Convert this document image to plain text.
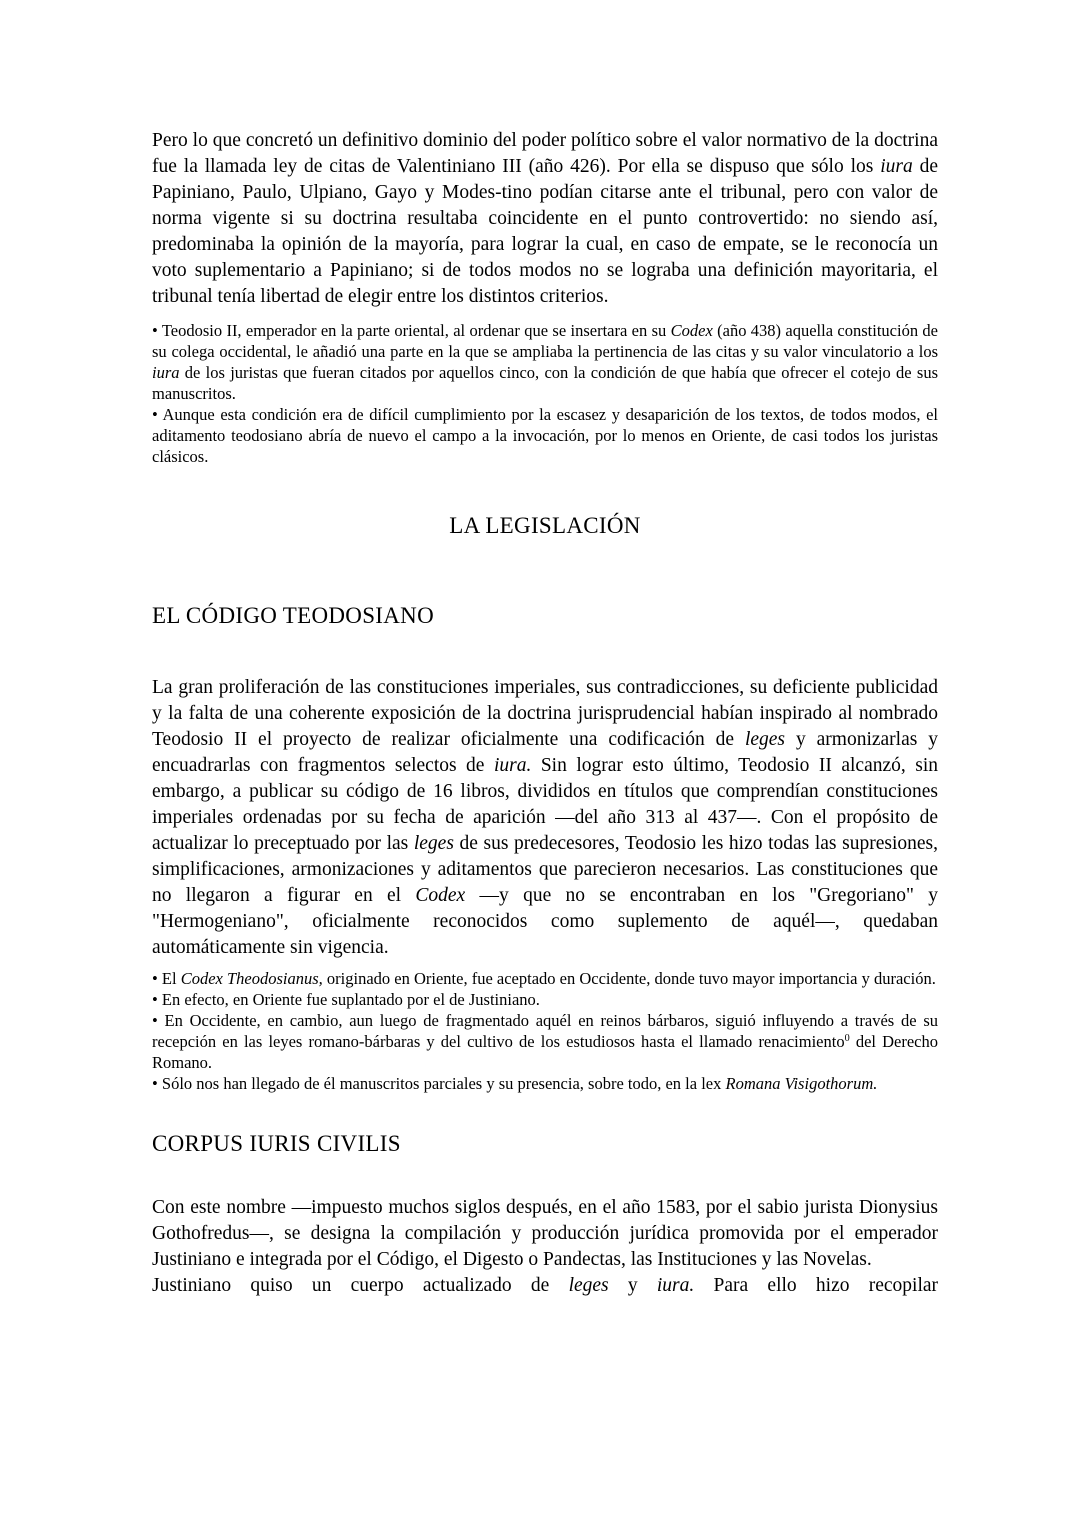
Pero lo que concretó un definitivo dominio del poder político sobre el valor normativo de la doctrina fue la llamada ley de citas de Valentiniano III (año 426). Por ella se dispuso que sólo los iura de Papiniano, Paulo, Ulpiano, Gayo y Modes-tino podían citarse ante el tribunal, pero con valor de norma vigente si su doctrina resultaba coincidente en el punto controvertido: no siendo así, predominaba la opinión de la mayoría, para lograr la cual, en caso de empate, se le reconocía un voto suplementario a Papiniano; si de todos modos no se lograba una definición mayoritaria, el tribunal tenía libertad de elegir entre los distintos criterios.

• Teodosio II, emperador en la parte oriental, al ordenar que se insertara en su Codex (año 438) aquella constitución de su colega occidental, le añadió una parte en la que se ampliaba la pertinencia de las citas y su valor vinculatorio a los iura de los juristas que fueran citados por aquellos cinco, con la condición de que había que ofrecer el cotejo de sus manuscritos.

• Aunque esta condición era de difícil cumplimiento por la escasez y desaparición de los textos, de todos modos, el aditamento teodosiano abría de nuevo el campo a la invocación, por lo menos en Oriente, de casi todos los juristas clásicos.

LA LEGISLACIÓN
EL CÓDIGO TEODOSIANO

La gran proliferación de las constituciones imperiales, sus contradicciones, su deficiente publicidad y la falta de una coherente exposición de la doctrina jurisprudencial habían inspirado al nombrado Teodosio II el proyecto de realizar oficialmente una codificación de leges y armonizarlas y encuadrarlas con fragmentos selectos de iura. Sin lograr esto último, Teodosio II alcanzó, sin embargo, a publicar su código de 16 libros, divididos en títulos que comprendían constituciones imperiales ordenadas por su fecha de aparición —del año 313 al 437—. Con el propósito de actualizar lo preceptuado por las leges de sus predecesores, Teodosio les hizo todas las supresiones, simplificaciones, armonizaciones y aditamentos que parecieron necesarios. Las constituciones que no llegaron a figurar en el Codex —y que no se encontraban en los "Gregoriano" y "Hermogeniano", oficialmente reconocidos como suplemento de aquél—, quedaban automáticamente sin vigencia.

• El Codex Theodosianus, originado en Oriente, fue aceptado en Occidente, donde tuvo mayor importancia y duración.

• En efecto, en Oriente fue suplantado por el de Justiniano.

• En Occidente, en cambio, aun luego de fragmentado aquél en reinos bárbaros, siguió influyendo a través de su recepción en las leyes romano-bárbaras y del cultivo de los estudiosos hasta el llamado renacimiento$^0$ del Derecho Romano.

• Sólo nos han llegado de él manuscritos parciales y su presencia, sobre todo, en la lex Romana Visigothorum.

CORPUS IURIS CIVILIS

Con este nombre —impuesto muchos siglos después, en el año 1583, por el sabio jurista Dionysius Gothofredus—, se designa la compilación y producción jurídica promovida por el emperador Justiniano e integrada por el Código, el Digesto o Pandectas, las Instituciones y las Novelas.

Justiniano quiso un cuerpo actualizado de leges y iura. Para ello hizo recopilar
